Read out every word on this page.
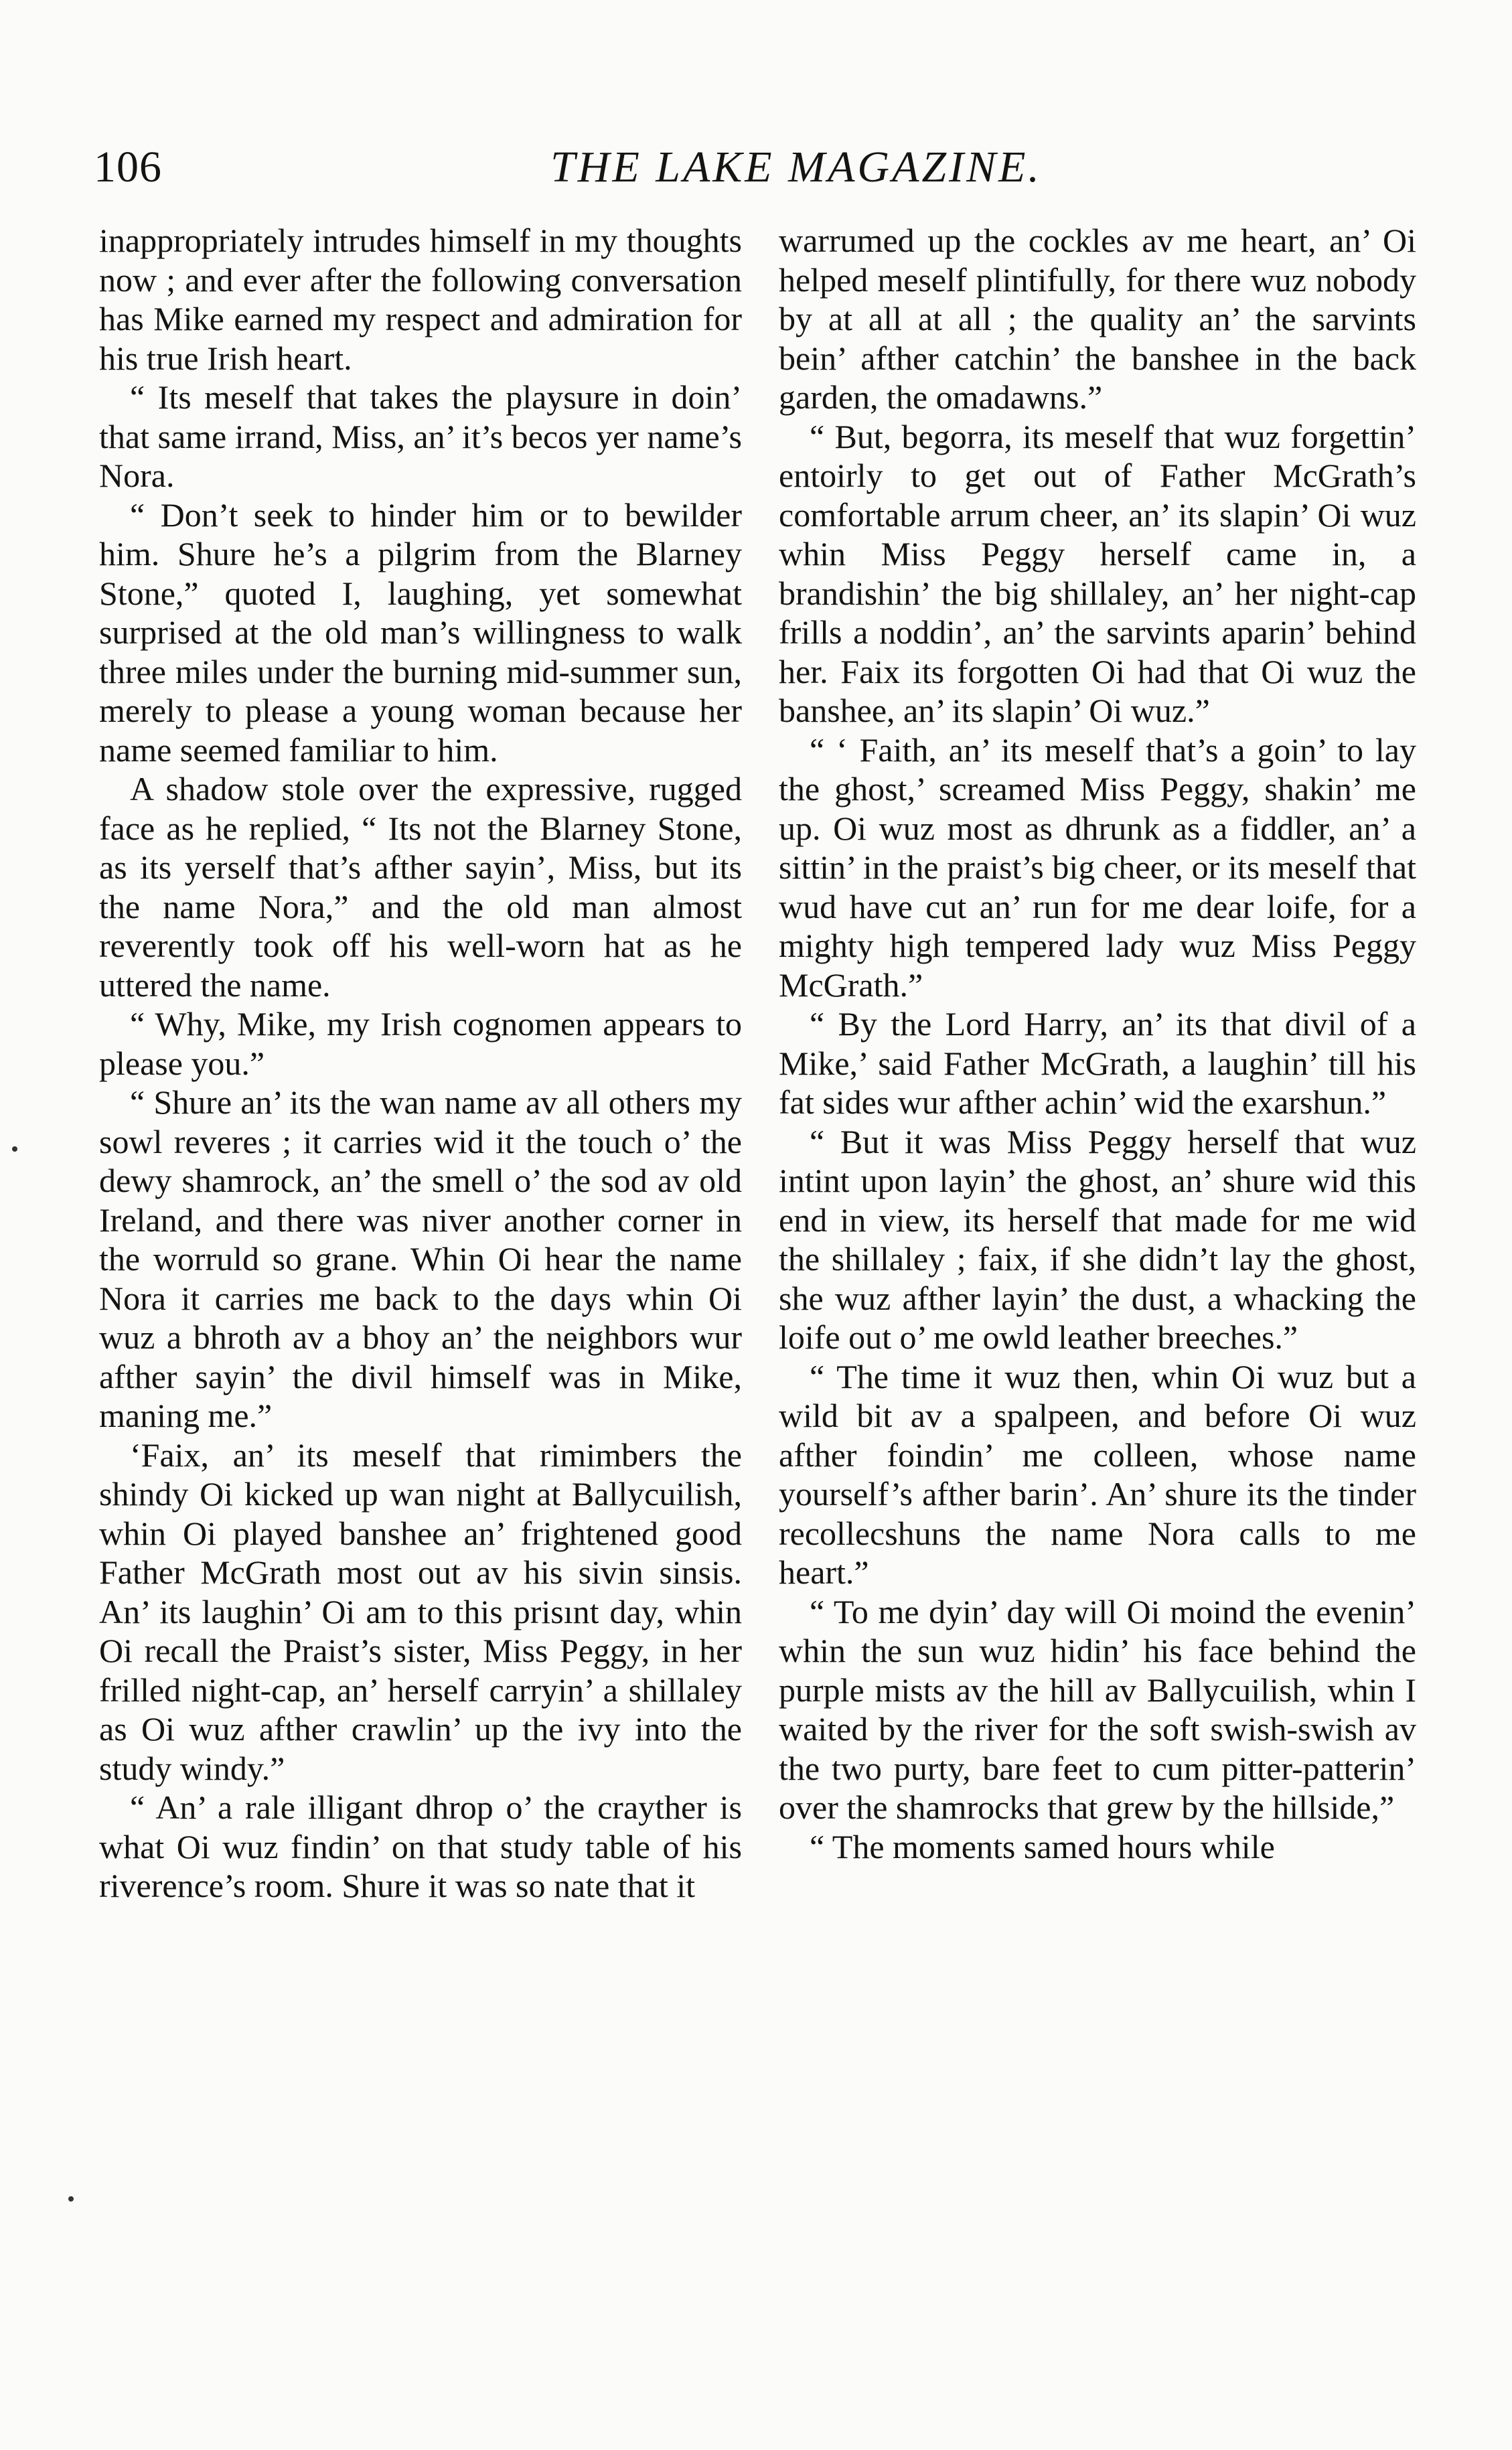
106	THE LAKE MAGAZINE.

inappropriately intrudes himself in my thoughts now ; and ever after the following conversation has Mike earned my respect and admiration for his true Irish heart.

“ Its meself that takes the playsure in doin’ that same irrand, Miss, an’ it’s becos yer name’s Nora.

“ Don’t seek to hinder him or to bewilder him. Shure he’s a pilgrim from the Blarney Stone,” quoted I, laughing, yet somewhat surprised at the old man’s willingness to walk three miles under the burning mid-summer sun, merely to please a young woman because her name seemed familiar to him.

A shadow stole over the expressive, rugged face as he replied, “ Its not the Blarney Stone, as its yerself that’s afther sayin’, Miss, but its the name Nora,” and the old man almost reverently took off his well-worn hat as he uttered the name.

“ Why, Mike, my Irish cognomen appears to please you.”

“ Shure an’ its the wan name av all others my sowl reveres ; it carries wid it the touch o’ the dewy shamrock, an’ the smell o’ the sod av old Ireland, and there was niver another corner in the worruld so grane. Whin Oi hear the name Nora it carries me back to the days whin Oi wuz a bhroth av a bhoy an’ the neighbors wur afther sayin’ the divil himself was in Mike, maning me.”

‘Faix, an’ its meself that rimimbers the shindy Oi kicked up wan night at Ballycuilish, whin Oi played banshee an’ frightened good Father McGrath most out av his sivin sinsis. An’ its laughin’ Oi am to this prisınt day, whin Oi recall the Praist’s sister, Miss Peggy, in her frilled night-cap, an’ herself carryin’ a shillaley as Oi wuz afther crawlin’ up the ivy into the study windy.”

“ An’ a rale illigant dhrop o’ the crayther is what Oi wuz findin’ on that study table of his riverence’s room. Shure it was so nate that it

warrumed up the cockles av me heart, an’ Oi helped meself plintifully, for there wuz nobody by at all at all ; the quality an’ the sarvints bein’ afther catchin’ the banshee in the back garden, the omadawns.”

“ But, begorra, its meself that wuz forgettin’ entoirly to get out of Father McGrath’s comfortable arrum cheer, an’ its slapin’ Oi wuz whin Miss Peggy herself came in, a brandishin’ the big shillaley, an’ her night-cap frills a noddin’, an’ the sarvints aparin’ behind her. Faix its forgotten Oi had that Oi wuz the banshee, an’ its slapin’ Oi wuz.”

“ ‘ Faith, an’ its meself that’s a goin’ to lay the ghost,’ screamed Miss Peggy, shakin’ me up. Oi wuz most as dhrunk as a fiddler, an’ a sittin’ in the praist’s big cheer, or its meself that wud have cut an’ run for me dear loife, for a mighty high tempered lady wuz Miss Peggy McGrath.”

“ By the Lord Harry, an’ its that divil of a Mike,’ said Father McGrath, a laughin’ till his fat sides wur afther achin’ wid the exarshun.”

“ But it was Miss Peggy herself that wuz intint upon layin’ the ghost, an’ shure wid this end in view, its herself that made for me wid the shillaley ; faix, if she didn’t lay the ghost, she wuz afther layin’ the dust, a whacking the loife out o’ me owld leather breeches.”

“ The time it wuz then, whin Oi wuz but a wild bit av a spalpeen, and before Oi wuz afther foindin’ me colleen, whose name yourself’s afther barin’. An’ shure its the tinder recollecshuns the name Nora calls to me heart.”

“ To me dyin’ day will Oi moind the evenin’ whin the sun wuz hidin’ his face behind the purple mists av the hill av Ballycuilish, whin I waited by the river for the soft swish-swish av the two purty, bare feet to cum pitter-patterin’ over the shamrocks that grew by the hillside,”

“ The moments samed hours while
